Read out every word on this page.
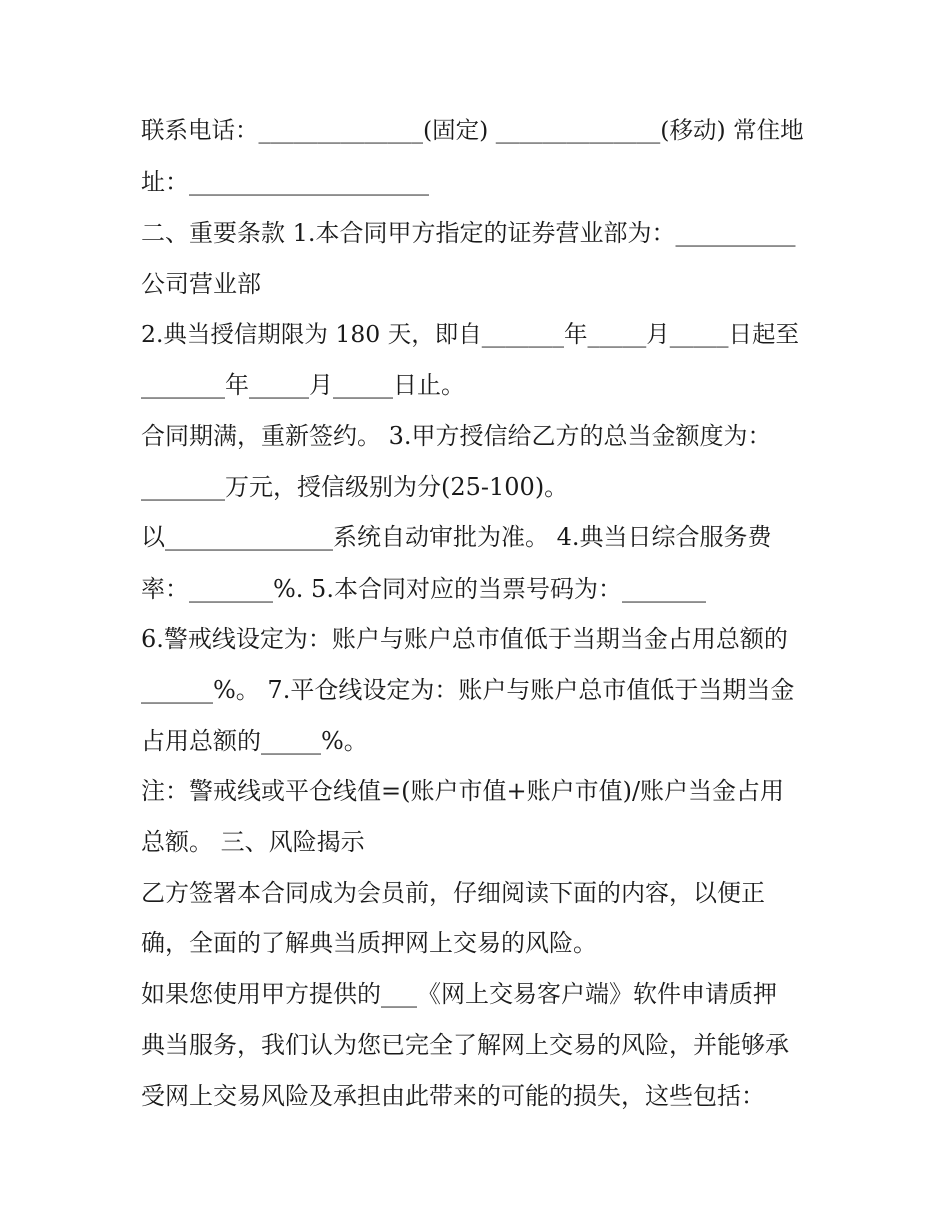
联系电话：______________(固定) ______________(移动) 常住地
址：____________________
二、重要条款 1.本合同甲方指定的证券营业部为：__________
公司营业部
2.典当授信期限为 180 天，即自_______年_____月_____日起至
_______年_____月_____日止。
合同期满，重新签约。 3.甲方授信给乙方的总当金额度为：
_______万元，授信级别为分(25-100)。
以______________系统自动审批为准。 4.典当日综合服务费
率：_______%. 5.本合同对应的当票号码为：_______
6.警戒线设定为：账户与账户总市值低于当期当金占用总额的
______%。 7.平仓线设定为：账户与账户总市值低于当期当金
占用总额的_____%。
注：警戒线或平仓线值=(账户市值+账户市值)/账户当金占用
总额。 三、风险揭示
乙方签署本合同成为会员前，仔细阅读下面的内容，以便正
确，全面的了解典当质押网上交易的风险。
如果您使用甲方提供的___《网上交易客户端》软件申请质押
典当服务，我们认为您已完全了解网上交易的风险，并能够承
受网上交易风险及承担由此带来的可能的损失，这些包括：
